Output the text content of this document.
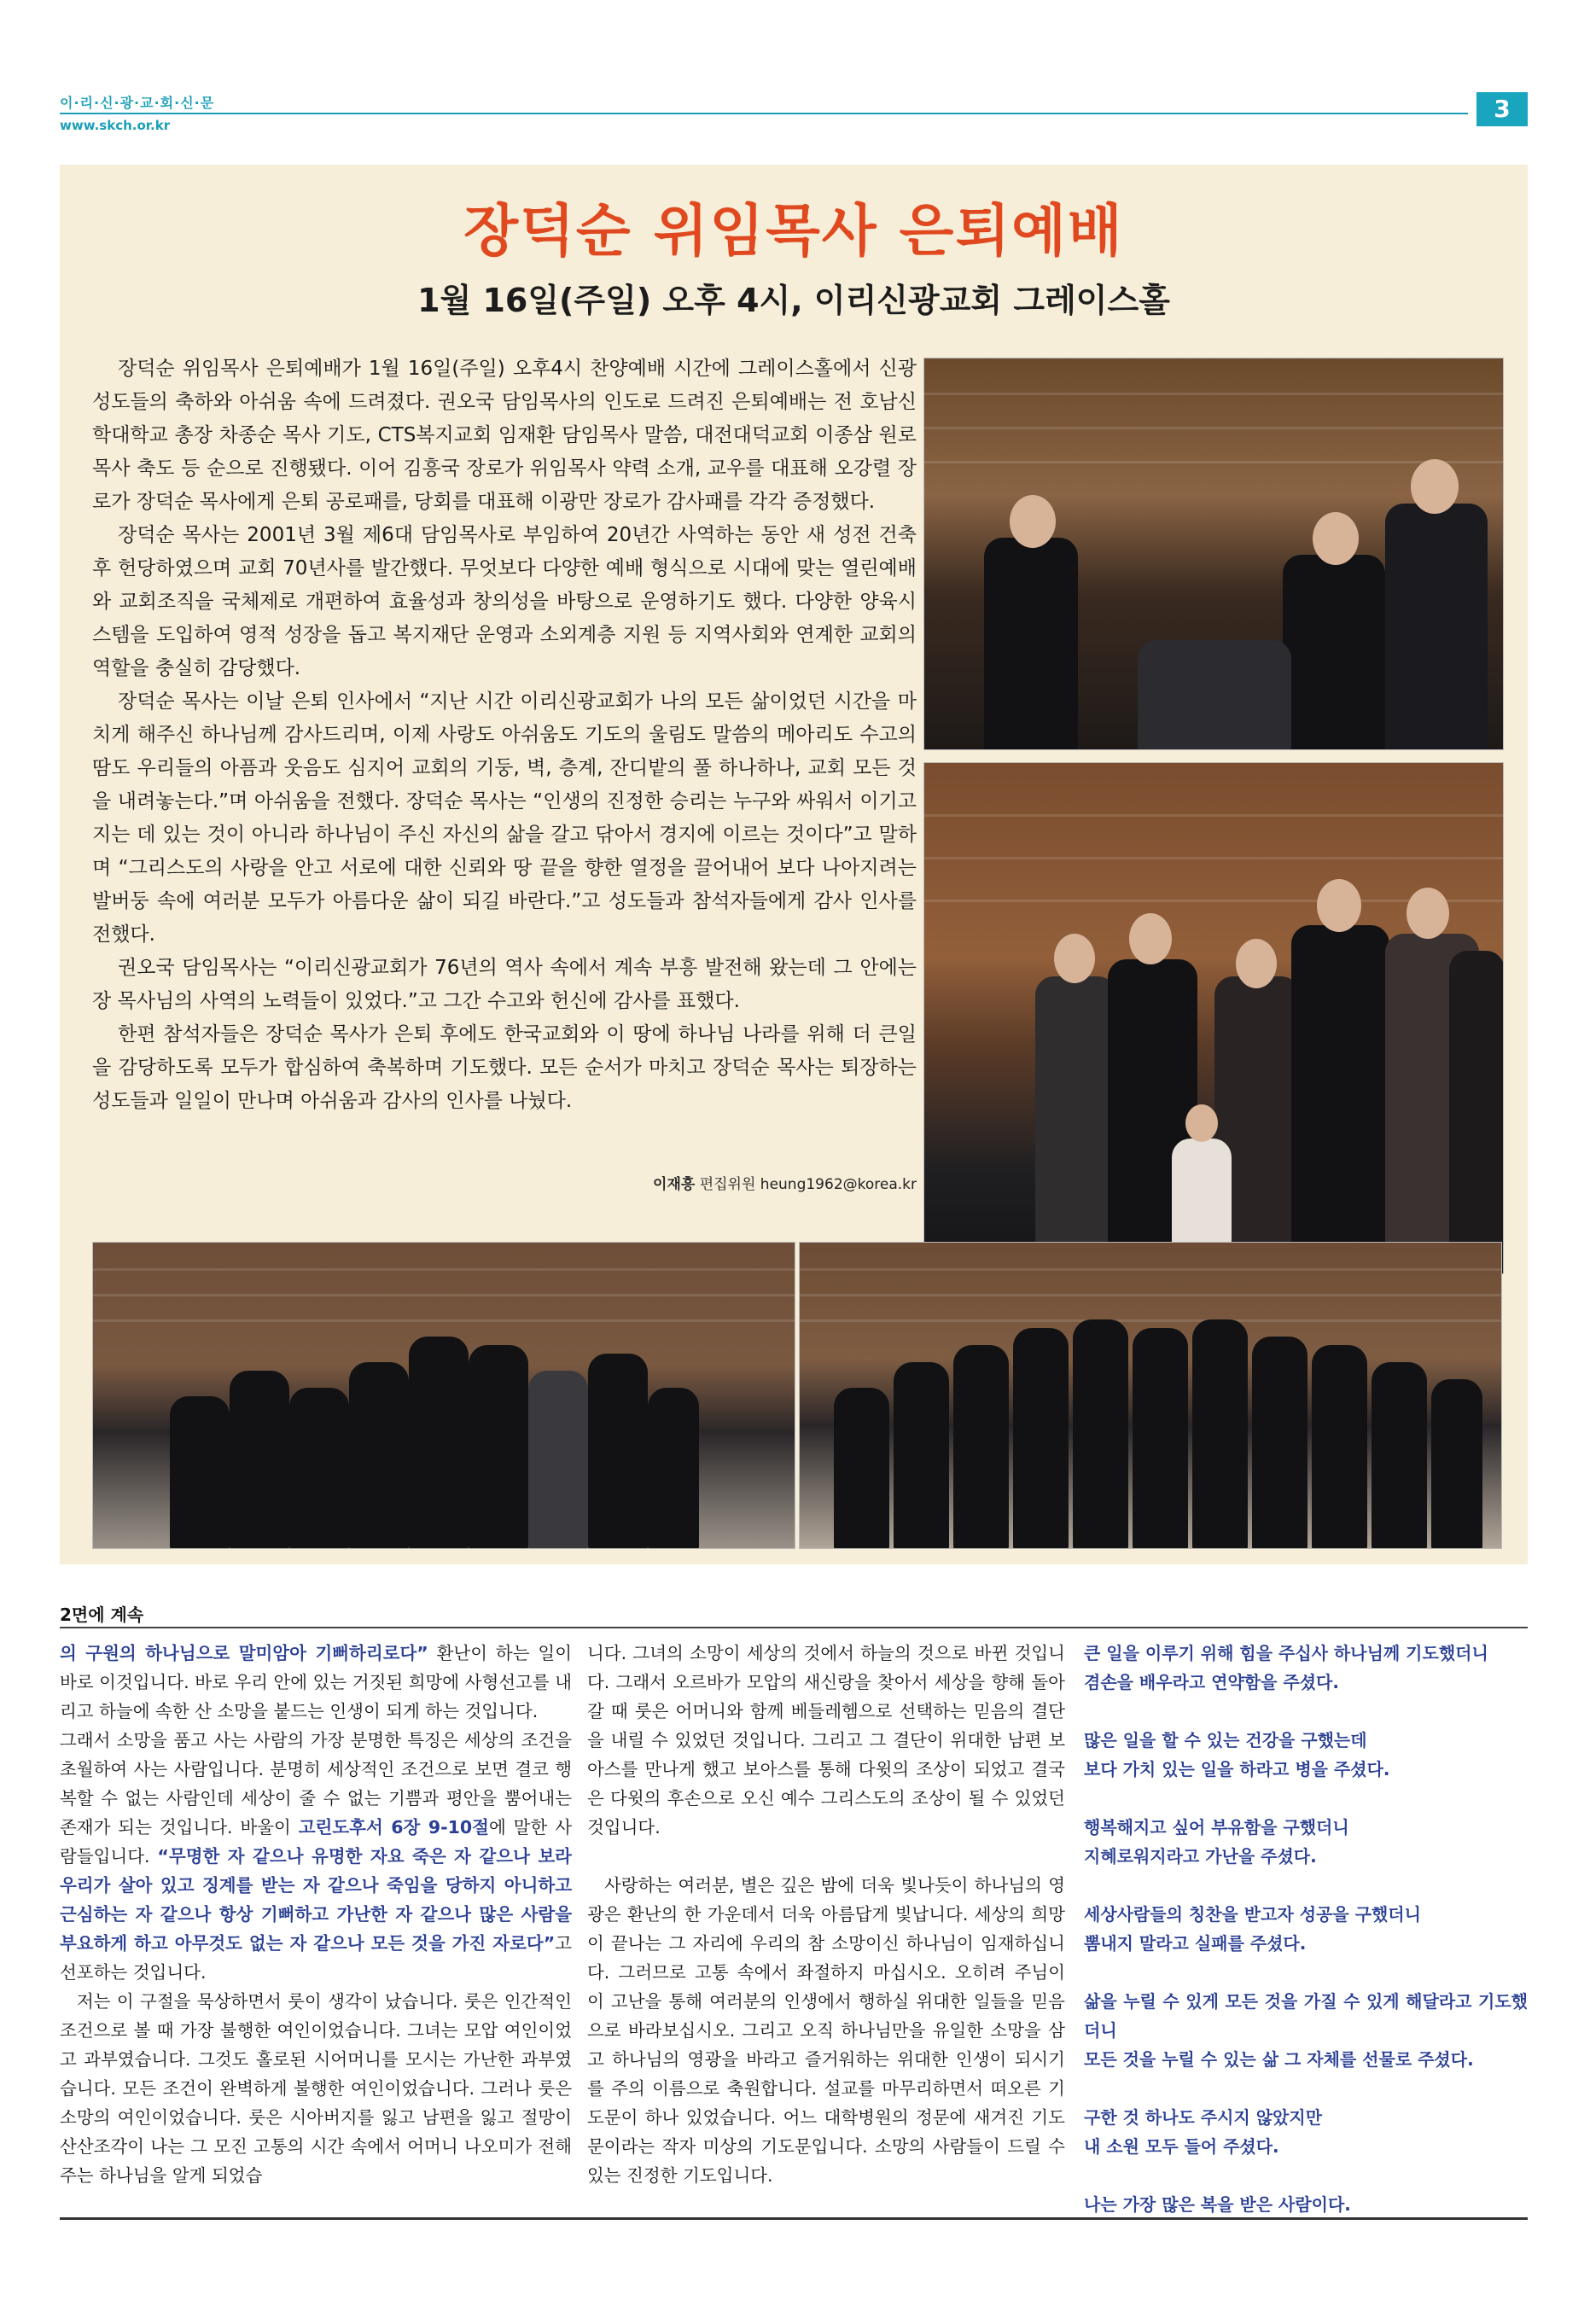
이·리·신·광·교·회·신·문
www.skch.or.kr
3
장덕순 위임목사 은퇴예배
1월 16일(주일) 오후 4시, 이리신광교회 그레이스홀

장덕순 위임목사 은퇴예배가 1월 16일(주일) 오후4시 찬양예배 시간에 그레이스홀에서 신광 성도들의 축하와 아쉬움 속에 드려졌다. 권오국 담임목사의 인도로 드려진 은퇴예배는 전 호남신학대학교 총장 차종순 목사 기도, CTS복지교회 임재환 담임목사 말씀, 대전대덕교회 이종삼 원로목사 축도 등 순으로 진행됐다. 이어 김흥국 장로가 위임목사 약력 소개, 교우를 대표해 오강렬 장로가 장덕순 목사에게 은퇴 공로패를, 당회를 대표해 이광만 장로가 감사패를 각각 증정했다.

장덕순 목사는 2001년 3월 제6대 담임목사로 부임하여 20년간 사역하는 동안 새 성전 건축 후 헌당하였으며 교회 70년사를 발간했다. 무엇보다 다양한 예배 형식으로 시대에 맞는 열린예배와 교회조직을 국체제로 개편하여 효율성과 창의성을 바탕으로 운영하기도 했다. 다양한 양육시스템을 도입하여 영적 성장을 돕고 복지재단 운영과 소외계층 지원 등 지역사회와 연계한 교회의 역할을 충실히 감당했다.

장덕순 목사는 이날 은퇴 인사에서 “지난 시간 이리신광교회가 나의 모든 삶이었던 시간을 마치게 해주신 하나님께 감사드리며, 이제 사랑도 아쉬움도 기도의 울림도 말씀의 메아리도 수고의 땀도 우리들의 아픔과 웃음도 심지어 교회의 기둥, 벽, 층계, 잔디밭의 풀 하나하나, 교회 모든 것을 내려놓는다.”며 아쉬움을 전했다. 장덕순 목사는 “인생의 진정한 승리는 누구와 싸워서 이기고 지는 데 있는 것이 아니라 하나님이 주신 자신의 삶을 갈고 닦아서 경지에 이르는 것이다”고 말하며 “그리스도의 사랑을 안고 서로에 대한 신뢰와 땅 끝을 향한 열정을 끌어내어 보다 나아지려는 발버둥 속에 여러분 모두가 아름다운 삶이 되길 바란다.”고 성도들과 참석자들에게 감사 인사를 전했다.

권오국 담임목사는 “이리신광교회가 76년의 역사 속에서 계속 부흥 발전해 왔는데 그 안에는 장 목사님의 사역의 노력들이 있었다.”고 그간 수고와 헌신에 감사를 표했다.

한편 참석자들은 장덕순 목사가 은퇴 후에도 한국교회와 이 땅에 하나님 나라를 위해 더 큰일을 감당하도록 모두가 합심하여 축복하며 기도했다. 모든 순서가 마치고 장덕순 목사는 퇴장하는 성도들과 일일이 만나며 아쉬움과 감사의 인사를 나눴다.

이재흥 편집위원 heung1962@korea.kr
2면에 계속

의 구원의 하나님으로 말미암아 기뻐하리로다” 환난이 하는 일이 바로 이것입니다. 바로 우리 안에 있는 거짓된 희망에 사형선고를 내리고 하늘에 속한 산 소망을 붙드는 인생이 되게 하는 것입니다.

그래서 소망을 품고 사는 사람의 가장 분명한 특징은 세상의 조건을 초월하여 사는 사람입니다. 분명히 세상적인 조건으로 보면 결코 행복할 수 없는 사람인데 세상이 줄 수 없는 기쁨과 평안을 뿜어내는 존재가 되는 것입니다. 바울이 고린도후서 6장 9-10절에 말한 사람들입니다. “무명한 자 같으나 유명한 자요 죽은 자 같으나 보라 우리가 살아 있고 징계를 받는 자 같으나 죽임을 당하지 아니하고 근심하는 자 같으나 항상 기뻐하고 가난한 자 같으나 많은 사람을 부요하게 하고 아무것도 없는 자 같으나 모든 것을 가진 자로다”고 선포하는 것입니다.

저는 이 구절을 묵상하면서 룻이 생각이 났습니다. 룻은 인간적인 조건으로 볼 때 가장 불행한 여인이었습니다. 그녀는 모압 여인이었고 과부였습니다. 그것도 홀로된 시어머니를 모시는 가난한 과부였습니다. 모든 조건이 완벽하게 불행한 여인이었습니다. 그러나 룻은 소망의 여인이었습니다. 룻은 시아버지를 잃고 남편을 잃고 절망이 산산조각이 나는 그 모진 고통의 시간 속에서 어머니 나오미가 전해 주는 하나님을 알게 되었습

니다. 그녀의 소망이 세상의 것에서 하늘의 것으로 바뀐 것입니다. 그래서 오르바가 모압의 새신랑을 찾아서 세상을 향해 돌아갈 때 룻은 어머니와 함께 베들레헴으로 선택하는 믿음의 결단을 내릴 수 있었던 것입니다. 그리고 그 결단이 위대한 남편 보아스를 만나게 했고 보아스를 통해 다윗의 조상이 되었고 결국은 다윗의 후손으로 오신 예수 그리스도의 조상이 될 수 있었던 것입니다.

사랑하는 여러분, 별은 깊은 밤에 더욱 빛나듯이 하나님의 영광은 환난의 한 가운데서 더욱 아름답게 빛납니다. 세상의 희망이 끝나는 그 자리에 우리의 참 소망이신 하나님이 임재하십니다. 그러므로 고통 속에서 좌절하지 마십시오. 오히려 주님이 이 고난을 통해 여러분의 인생에서 행하실 위대한 일들을 믿음으로 바라보십시오. 그리고 오직 하나님만을 유일한 소망을 삼고 하나님의 영광을 바라고 즐거워하는 위대한 인생이 되시기를 주의 이름으로 축원합니다. 설교를 마무리하면서 떠오른 기도문이 하나 있었습니다. 어느 대학병원의 정문에 새겨진 기도문이라는 작자 미상의 기도문입니다. 소망의 사람들이 드릴 수 있는 진정한 기도입니다.

큰 일을 이루기 위해 힘을 주십사 하나님께 기도했더니

겸손을 배우라고 연약함을 주셨다.

많은 일을 할 수 있는 건강을 구했는데

보다 가치 있는 일을 하라고 병을 주셨다.

행복해지고 싶어 부유함을 구했더니

지혜로워지라고 가난을 주셨다.

세상사람들의 칭찬을 받고자 성공을 구했더니

뽐내지 말라고 실패를 주셨다.

삶을 누릴 수 있게 모든 것을 가질 수 있게 해달라고 기도했더니

모든 것을 누릴 수 있는 삶 그 자체를 선물로 주셨다.

구한 것 하나도 주시지 않았지만

내 소원 모두 들어 주셨다.

나는 가장 많은 복을 받은 사람이다.
